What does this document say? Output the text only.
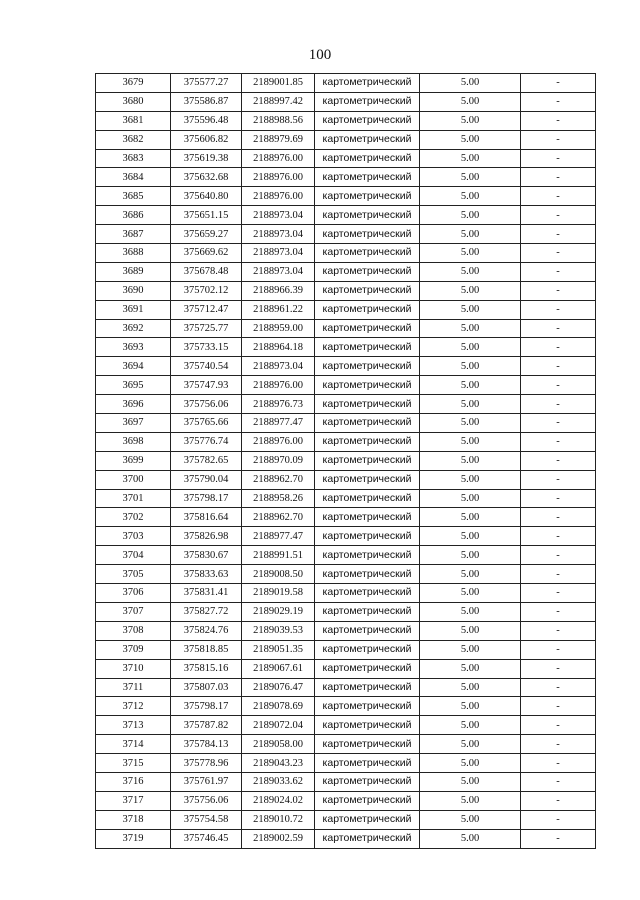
100
3679	375577.27	2189001.85	картометрический	5.00	-
3680	375586.87	2188997.42	картометрический	5.00	-
3681	375596.48	2188988.56	картометрический	5.00	-
3682	375606.82	2188979.69	картометрический	5.00	-
3683	375619.38	2188976.00	картометрический	5.00	-
3684	375632.68	2188976.00	картометрический	5.00	-
3685	375640.80	2188976.00	картометрический	5.00	-
3686	375651.15	2188973.04	картометрический	5.00	-
3687	375659.27	2188973.04	картометрический	5.00	-
3688	375669.62	2188973.04	картометрический	5.00	-
3689	375678.48	2188973.04	картометрический	5.00	-
3690	375702.12	2188966.39	картометрический	5.00	-
3691	375712.47	2188961.22	картометрический	5.00	-
3692	375725.77	2188959.00	картометрический	5.00	-
3693	375733.15	2188964.18	картометрический	5.00	-
3694	375740.54	2188973.04	картометрический	5.00	-
3695	375747.93	2188976.00	картометрический	5.00	-
3696	375756.06	2188976.73	картометрический	5.00	-
3697	375765.66	2188977.47	картометрический	5.00	-
3698	375776.74	2188976.00	картометрический	5.00	-
3699	375782.65	2188970.09	картометрический	5.00	-
3700	375790.04	2188962.70	картометрический	5.00	-
3701	375798.17	2188958.26	картометрический	5.00	-
3702	375816.64	2188962.70	картометрический	5.00	-
3703	375826.98	2188977.47	картометрический	5.00	-
3704	375830.67	2188991.51	картометрический	5.00	-
3705	375833.63	2189008.50	картометрический	5.00	-
3706	375831.41	2189019.58	картометрический	5.00	-
3707	375827.72	2189029.19	картометрический	5.00	-
3708	375824.76	2189039.53	картометрический	5.00	-
3709	375818.85	2189051.35	картометрический	5.00	-
3710	375815.16	2189067.61	картометрический	5.00	-
3711	375807.03	2189076.47	картометрический	5.00	-
3712	375798.17	2189078.69	картометрический	5.00	-
3713	375787.82	2189072.04	картометрический	5.00	-
3714	375784.13	2189058.00	картометрический	5.00	-
3715	375778.96	2189043.23	картометрический	5.00	-
3716	375761.97	2189033.62	картометрический	5.00	-
3717	375756.06	2189024.02	картометрический	5.00	-
3718	375754.58	2189010.72	картометрический	5.00	-
3719	375746.45	2189002.59	картометрический	5.00	-
